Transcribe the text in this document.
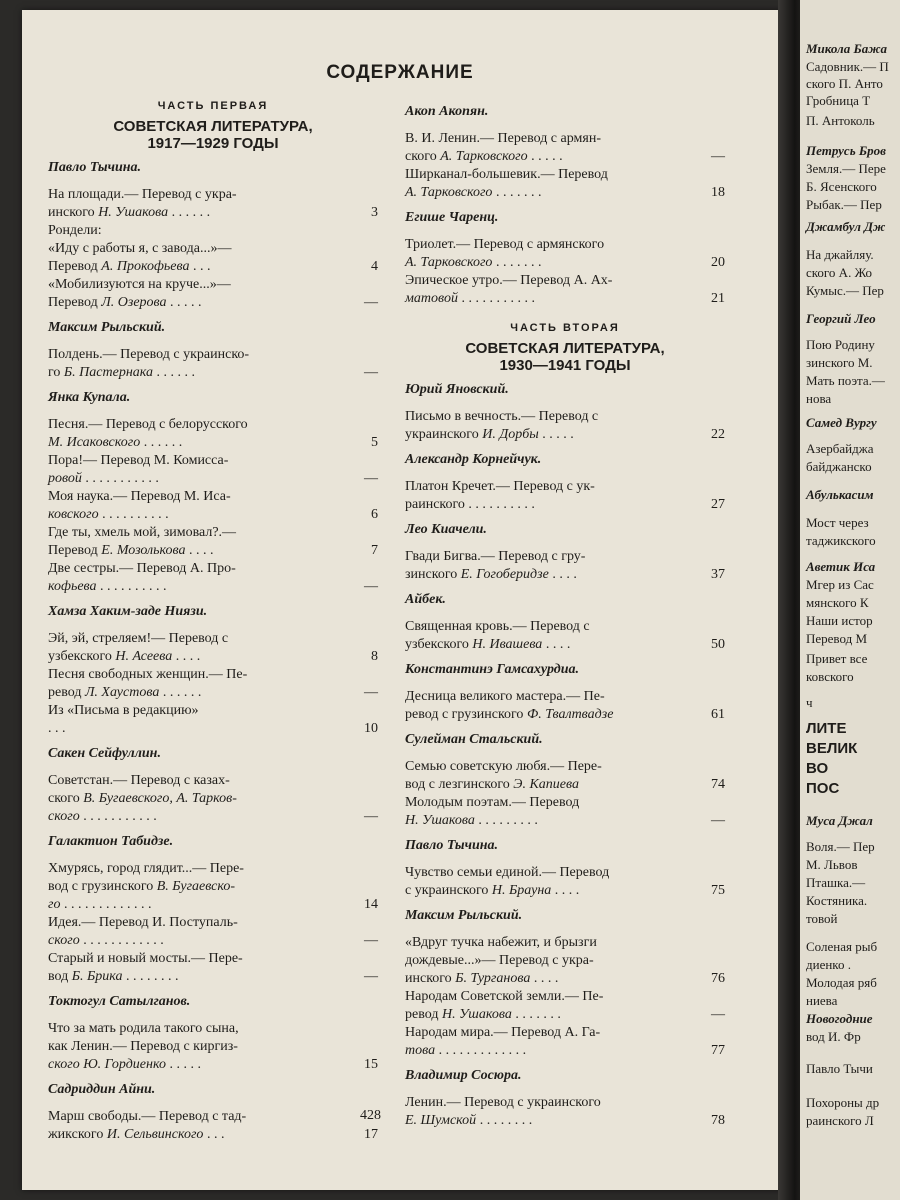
СОДЕРЖАНИЕ
ЧАСТЬ ПЕРВАЯ
СОВЕТСКАЯ ЛИТЕРАТУРА,
1917—1929 ГОДЫ
Павло Тычина.
На площади.— Перевод с укра-
инского Н. Ушакова . . . . . .	3
Рондели:
«Иду с работы я, с завода...»—
Перевод А. Прокофьева . . .	4
«Мобилизуются на круче...»—
Перевод Л. Озерова . . . . .	—
Максим Рыльский.
Полдень.— Перевод с украинско-
го Б. Пастернака . . . . . .	—
Янка Купала.
Песня.— Перевод с белорусского
М. Исаковского . . . . . .	5
Пора!— Перевод М. Комисса-
ровой . . . . . . . . . . .	—
Моя наука.— Перевод М. Иса-
ковского . . . . . . . . . .	6
Где ты, хмель мой, зимовал?.—
Перевод Е. Мозолькова . . . .	7
Две сестры.— Перевод А. Про-
кофьева . . . . . . . . . .	—
Хамза Хаким-заде Ниязи.
Эй, эй, стреляем!— Перевод с
узбекского Н. Асеева . . . .	8
Песня свободных женщин.— Пе-
ревод Л. Хаустова . . . . . .	—
Из «Письма в редакцию»
. . .	10
Сакен Сейфуллин.
Советстан.— Перевод с казах-
ского В. Бугаевского, А. Тарков-
ского . . . . . . . . . . .	—
Галактион Табидзе.
Хмурясь, город глядит...— Пере-
вод с грузинского В. Бугаевско-
го . . . . . . . . . . . . .	14
Идея.— Перевод И. Поступаль-
ского . . . . . . . . . . . .	—
Старый и новый мосты.— Пере-
вод Б. Брика . . . . . . . .	—
Токтогул Сатылганов.
Что за мать родила такого сына,
как Ленин.— Перевод с киргиз-
ского Ю. Гордиенко . . . . .	15
Садриддин Айни.
Марш свободы.— Перевод с тад-
жикского И. Сельвинского . . .	17
Акоп Акопян.
В. И. Ленин.— Перевод с армян-
ского А. Тарковского . . . . .	—
Ширканал-большевик.— Перевод
А. Тарковского . . . . . . .	18
Егише Чаренц.
Триолет.— Перевод с армянского
А. Тарковского . . . . . . .	20
Эпическое утро.— Перевод А. Ах-
матовой . . . . . . . . . . .	21
ЧАСТЬ ВТОРАЯ
СОВЕТСКАЯ ЛИТЕРАТУРА,
1930—1941 ГОДЫ
Юрий Яновский.
Письмо в вечность.— Перевод с
украинского И. Дорбы . . . . .	22
Александр Корнейчук.
Платон Кречет.— Перевод с ук-
раинского . . . . . . . . . .	27
Лео Киачели.
Гвади Бигва.— Перевод с гру-
зинского Е. Гогоберидзе . . . .	37
Айбек.
Священная кровь.— Перевод с
узбекского Н. Ивашева . . . .	50
Константинэ Гамсахурдиа.
Десница великого мастера.— Пе-
ревод с грузинского Ф. Твалтвадзе	61
Сулейман Стальский.
Семью советскую любя.— Пере-
вод с лезгинского Э. Капиева	74
Молодым поэтам.— Перевод
Н. Ушакова . . . . . . . . .	—
Павло Тычина.
Чувство семьи единой.— Перевод
с украинского Н. Брауна . . . .	75
Максим Рыльский.
«Вдруг тучка набежит, и брызги
дождевые...»— Перевод с укра-
инского Б. Турганова . . . .	76
Народам Советской земли.— Пе-
ревод Н. Ушакова . . . . . . .	—
Народам мира.— Перевод А. Га-
това . . . . . . . . . . . . .	77
Владимир Сосюра.
Ленин.— Перевод с украинского
Е. Шумской . . . . . . . .	78
428
Микола Бажа
Садовник.— П
ского П. Анто
Гробница Т
П. Антоколь
Петрусь Бров
Земля.— Пере
Б. Ясенского
Рыбак.— Пер
Джамбул Дж
На джайляу.
ского А. Жо
Кумыс.— Пер
Георгий Лео
Пою Родину
зинского М.
Мать поэта.—
нова
Самед Вургу
Азербайджа
байджанско
Абулькасим
Мост через
таджикского
Аветик Иса
Мгер из Сас
мянского К
Наши истор
Перевод М
Привет все
ковского
ч
ЛИТЕ
ВЕЛИК
ВО
ПОС
Муса Джал
Воля.— Пер
М. Львов
Пташка.—
Костяника.
товой
Соленая рыб
диенко .
Молодая ряб
ниева
Новогодние
вод И. Фр
Павло Тычи
Похороны др
раинского Л
